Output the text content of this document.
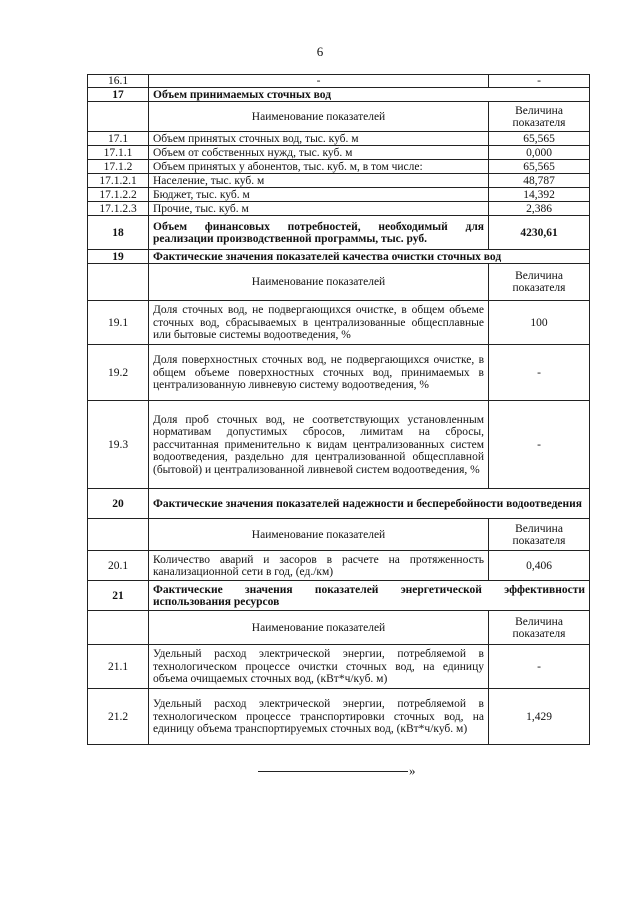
6
16.1	-	-
17	Объем принимаемых сточных вод	
	Наименование показателей	Величина показателя
17.1	Объем принятых сточных вод, тыс. куб. м	65,565
17.1.1	Объем от собственных нужд, тыс. куб. м	0,000
17.1.2	Объем принятых у абонентов, тыс. куб. м, в том числе:	65,565
17.1.2.1	Население, тыс. куб. м	48,787
17.1.2.2	Бюджет, тыс. куб. м	14,392
17.1.2.3	Прочие, тыс. куб. м	2,386
18	Объем финансовых потребностей, необходимый для реализации производственной программы, тыс. руб.	4230,61
19	Фактические значения показателей качества очистки сточных вод	
	Наименование показателей	Величина показателя
19.1	Доля сточных вод, не подвергающихся очистке, в общем объеме сточных вод, сбрасываемых в централизованные общесплавные или бытовые системы водоотведения, %	100
19.2	Доля поверхностных сточных вод, не подвергающихся очистке, в общем объеме поверхностных сточных вод, принимаемых в централизованную ливневую систему водоотведения, %	-
19.3	Доля проб сточных вод, не соответствующих установленным нормативам допустимых сбросов, лимитам на сбросы, рассчитанная применительно к видам централизованных систем водоотведения, раздельно для централизованной общесплавной (бытовой) и централизованной ливневой систем водоотведения, %	-
20	Фактические значения показателей надежности и бесперебойности водоотведения	
	Наименование показателей	Величина показателя
20.1	Количество аварий и засоров в расчете на протяженность канализационной сети в год, (ед./км)	0,406
21	Фактические значения показателей энергетической эффективности использования ресурсов	
	Наименование показателей	Величина показателя
21.1	Удельный расход электрической энергии, потребляемой в технологическом процессе очистки сточных вод, на единицу объема очищаемых сточных вод, (кВт*ч/куб. м)	-
21.2	Удельный расход электрической энергии, потребляемой в технологическом процессе транспортировки сточных вод, на единицу объема транспортируемых сточных вод, (кВт*ч/куб. м)	1,429
»
